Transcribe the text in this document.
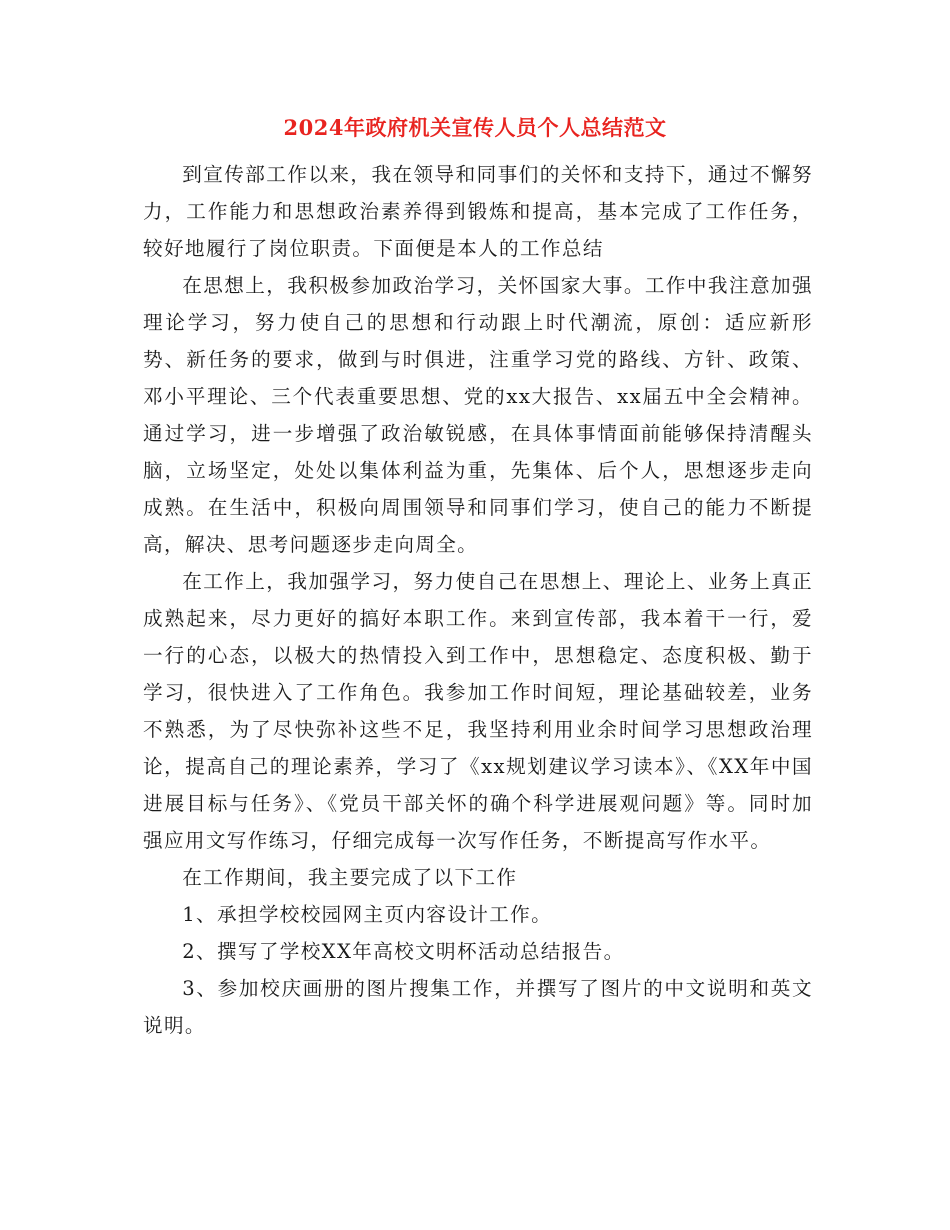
2024年政府机关宣传人员个人总结范文

到宣传部工作以来，我在领导和同事们的关怀和支持下，通过不懈努力，工作能力和思想政治素养得到锻炼和提高，基本完成了工作任务，较好地履行了岗位职责。下面便是本人的工作总结

在思想上，我积极参加政治学习，关怀国家大事。工作中我注意加强理论学习，努力使自己的思想和行动跟上时代潮流，原创：适应新形势、新任务的要求，做到与时俱进，注重学习党的路线、方针、政策、邓小平理论、三个代表重要思想、党的xx大报告、xx届五中全会精神。通过学习，进一步增强了政治敏锐感，在具体事情面前能够保持清醒头脑，立场坚定，处处以集体利益为重，先集体、后个人，思想逐步走向成熟。在生活中，积极向周围领导和同事们学习，使自己的能力不断提高，解决、思考问题逐步走向周全。

在工作上，我加强学习，努力使自己在思想上、理论上、业务上真正成熟起来，尽力更好的搞好本职工作。来到宣传部，我本着干一行，爱一行的心态，以极大的热情投入到工作中，思想稳定、态度积极、勤于学习，很快进入了工作角色。我参加工作时间短，理论基础较差，业务不熟悉，为了尽快弥补这些不足，我坚持利用业余时间学习思想政治理论，提高自己的理论素养，学习了《xx规划建议学习读本》、《XX年中国进展目标与任务》、《党员干部关怀的确个科学进展观问题》等。同时加强应用文写作练习，仔细完成每一次写作任务，不断提高写作水平。

在工作期间，我主要完成了以下工作

1、承担学校校园网主页内容设计工作。

2、撰写了学校XX年高校文明杯活动总结报告。

3、参加校庆画册的图片搜集工作，并撰写了图片的中文说明和英文说明。
